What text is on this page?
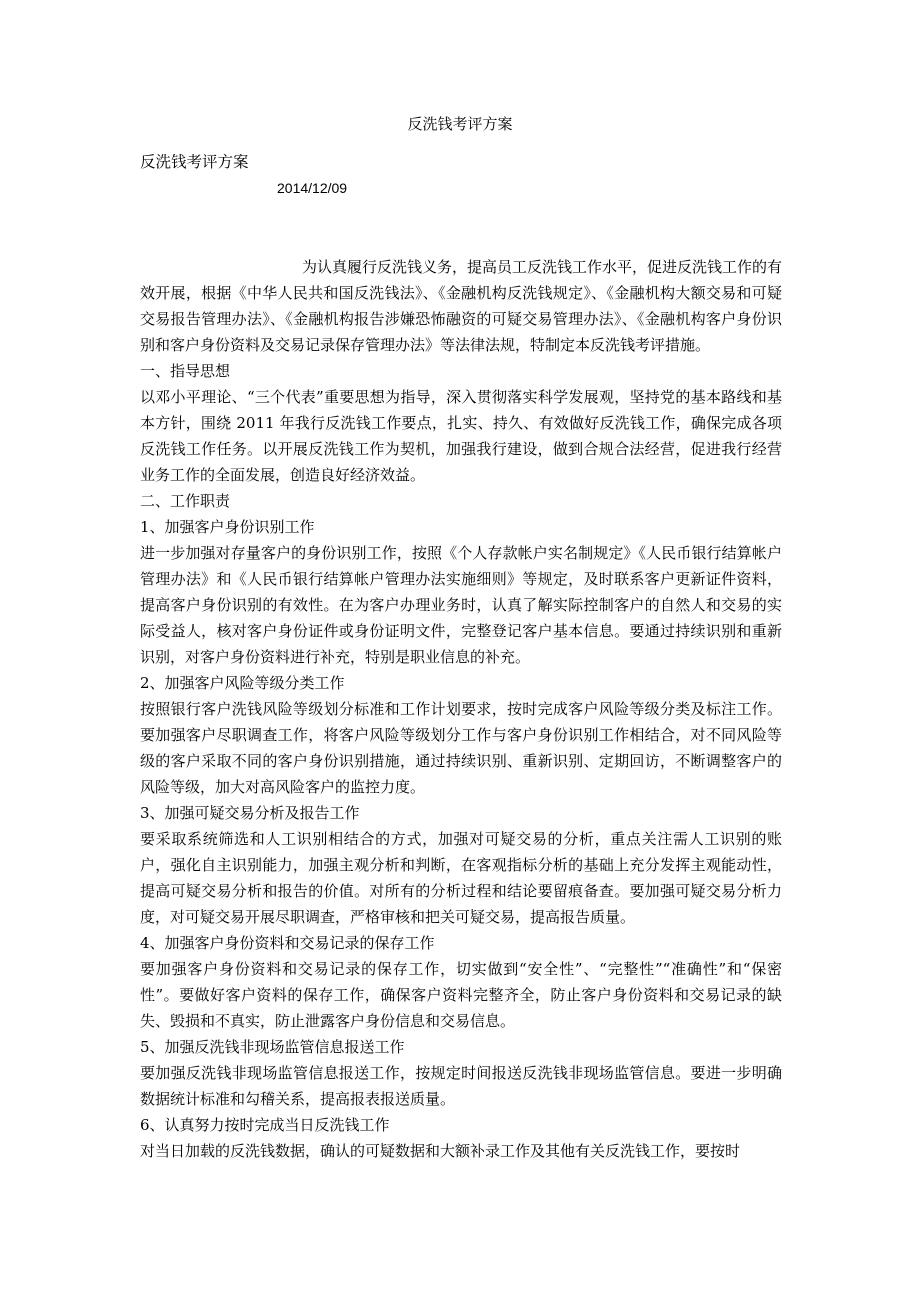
反洗钱考评方案
反洗钱考评方案
2014/12/09

为认真履行反洗钱义务，提高员工反洗钱工作水平，促进反洗钱工作的有效开展，根据《中华人民共和国反洗钱法》、《金融机构反洗钱规定》、《金融机构大额交易和可疑交易报告管理办法》、《金融机构报告涉嫌恐怖融资的可疑交易管理办法》、《金融机构客户身份识别和客户身份资料及交易记录保存管理办法》等法律法规，特制定本反洗钱考评措施。

一、指导思想

以邓小平理论、“三个代表”重要思想为指导，深入贯彻落实科学发展观，坚持党的基本路线和基本方针，围绕 2011 年我行反洗钱工作要点，扎实、持久、有效做好反洗钱工作，确保完成各项反洗钱工作任务。以开展反洗钱工作为契机，加强我行建设，做到合规合法经营，促进我行经营业务工作的全面发展，创造良好经济效益。

二、工作职责
1、加强客户身份识别工作

进一步加强对存量客户的身份识别工作，按照《个人存款帐户实名制规定》《人民币银行结算帐户管理办法》和《人民币银行结算帐户管理办法实施细则》等规定，及时联系客户更新证件资料，提高客户身份识别的有效性。在为客户办理业务时，认真了解实际控制客户的自然人和交易的实际受益人，核对客户身份证件或身份证明文件，完整登记客户基本信息。要通过持续识别和重新识别，对客户身份资料进行补充，特别是职业信息的补充。

2、加强客户风险等级分类工作

按照银行客户洗钱风险等级划分标准和工作计划要求，按时完成客户风险等级分类及标注工作。要加强客户尽职调查工作，将客户风险等级划分工作与客户身份识别工作相结合，对不同风险等级的客户采取不同的客户身份识别措施，通过持续识别、重新识别、定期回访，不断调整客户的风险等级，加大对高风险客户的监控力度。

3、加强可疑交易分析及报告工作

要采取系统筛选和人工识别相结合的方式，加强对可疑交易的分析，重点关注需人工识别的账户，强化自主识别能力，加强主观分析和判断，在客观指标分析的基础上充分发挥主观能动性，提高可疑交易分析和报告的价值。对所有的分析过程和结论要留痕备查。要加强可疑交易分析力度，对可疑交易开展尽职调查，严格审核和把关可疑交易，提高报告质量。

4、加强客户身份资料和交易记录的保存工作

要加强客户身份资料和交易记录的保存工作，切实做到“安全性”、“完整性”“准确性”和“保密性”。要做好客户资料的保存工作，确保客户资料完整齐全，防止客户身份资料和交易记录的缺失、毁损和不真实，防止泄露客户身份信息和交易信息。

5、加强反洗钱非现场监管信息报送工作

要加强反洗钱非现场监管信息报送工作，按规定时间报送反洗钱非现场监管信息。要进一步明确数据统计标准和勾稽关系，提高报表报送质量。

6、认真努力按时完成当日反洗钱工作

对当日加载的反洗钱数据，确认的可疑数据和大额补录工作及其他有关反洗钱工作，要按时
